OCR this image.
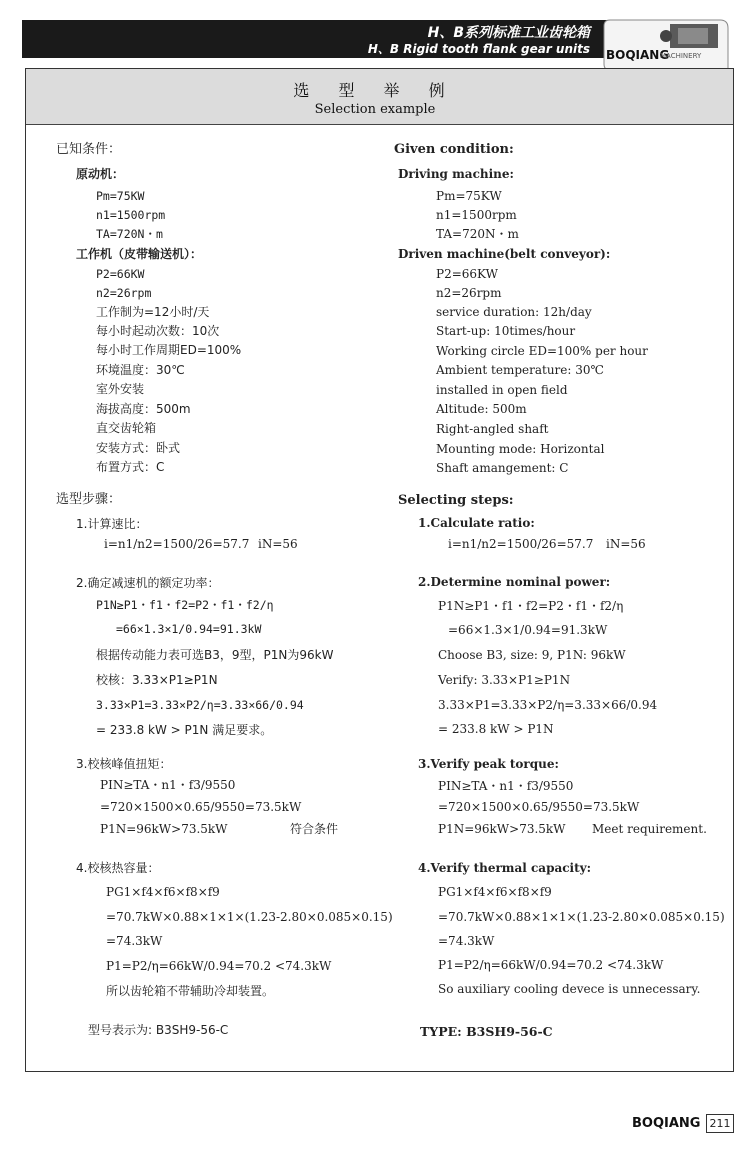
H、B系列标准工业齿轮箱
H、B Rigid tooth flank gear units BOQIANG
MACHINERY
选 型 举 例
Selection example
已知条件：
原动机：
Pm=75KW
n1=1500rpm
TA=720N・m
工作机（皮带输送机）：
P2=66KW
n2=26rpm
工作制为=12小时/天
每小时起动次数：10次
每小时工作周期ED=100%
环境温度：30℃
室外安装
海拔高度：500m
直交齿轮箱
安装方式：卧式
布置方式：C
选型步骤：
1.计算速比：
i=n1/n2=1500/26=57.7 iN=56
2.确定减速机的额定功率：
P1N≥P1・f1・f2=P2・f1・f2/η
=66×1.3×1/0.94=91.3kW
根据传动能力表可选B3，9型，P1N为96kW
校核：3.33×P1≥P1N
3.33×P1=3.33×P2/η=3.33×66/0.94
= 233.8 kW > P1N 满足要求。
3.校核峰值扭矩：
PIN≥TA・n1・f3/9550
=720×1500×0.65/9550=73.5kW
P1N=96kW>73.5kW	符合条件
4.校核热容量：
PG1×f4×f6×f8×f9
=70.7kW×0.88×1×1×(1.23-2.80×0.085×0.15)
=74.3kW
P1=P2/η=66kW/0.94=70.2 <74.3kW
所以齿轮箱不带辅助冷却装置。
型号表示为: B3SH9-56-C
Given condition:
Driving machine:
Pm=75KW
n1=1500rpm
TA=720N・m
Driven machine(belt conveyor):
P2=66KW
n2=26rpm
service duration: 12h/day
Start-up: 10times/hour
Working circle ED=100% per hour
Ambient temperature: 30℃
installed in open field
Altitude: 500m
Right-angled shaft
Mounting mode: Horizontal
Shaft amangement: C
Selecting steps:
1.Calculate ratio:
i=n1/n2=1500/26=57.7 iN=56
2.Determine nominal power:
P1N≥P1・f1・f2=P2・f1・f2/η
=66×1.3×1/0.94=91.3kW
Choose B3, size: 9, P1N: 96kW
Verify: 3.33×P1≥P1N
3.33×P1=3.33×P2/η=3.33×66/0.94
= 233.8 kW > P1N
3.Verify peak torque:
PIN≥TA・n1・f3/9550
=720×1500×0.65/9550=73.5kW
P1N=96kW>73.5kW Meet requirement.
4.Verify thermal capacity:
PG1×f4×f6×f8×f9
=70.7kW×0.88×1×1×(1.23-2.80×0.085×0.15)
=74.3kW
P1=P2/η=66kW/0.94=70.2 <74.3kW
So auxiliary cooling devece is unnecessary.
TYPE: B3SH9-56-C
BOQIANG 211
